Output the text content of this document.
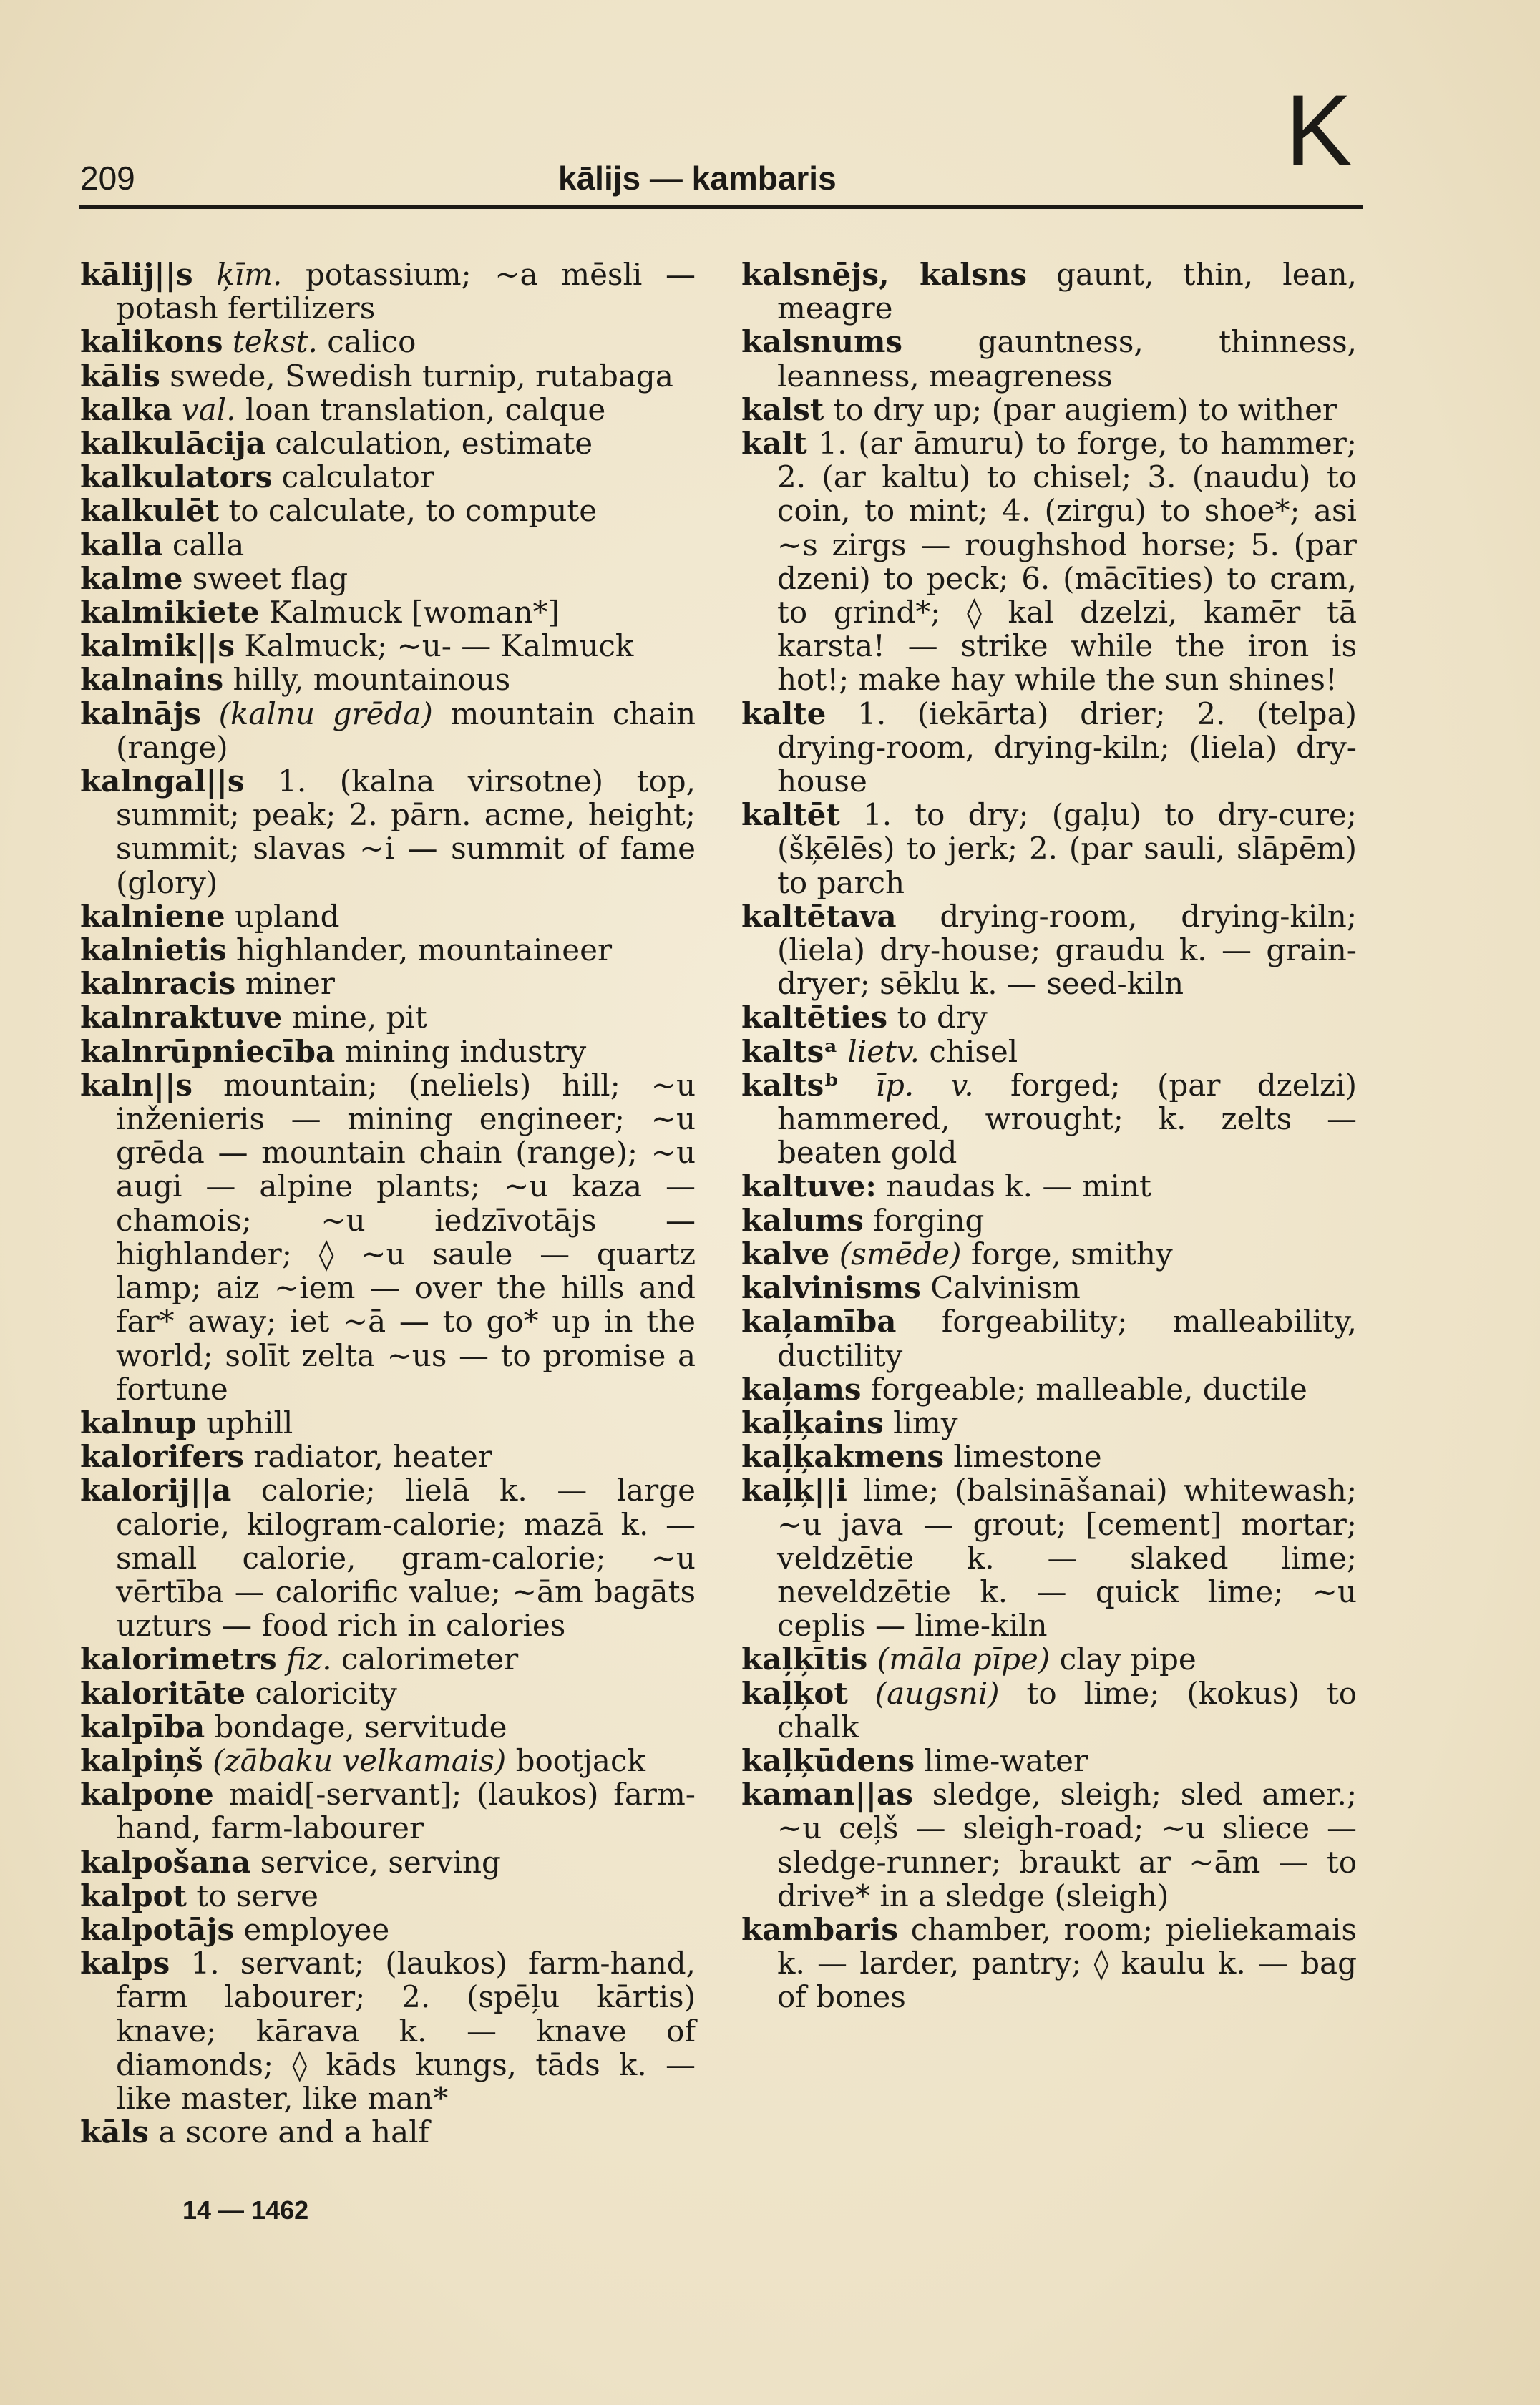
209	kālijs — kambaris	K
kālij||s ķīm. potassium; ~a mēsli — potash fertilizers
kalikons tekst. calico
kālis swede, Swedish turnip, rutabaga
kalka val. loan translation, calque
kalkulācija calculation, estimate
kalkulators calculator
kalkulēt to calculate, to compute
kalla calla
kalme sweet flag
kalmikiete Kalmuck [woman*]
kalmik||s Kalmuck; ~u- — Kalmuck
kalnains hilly, mountainous
kalnājs (kalnu grēda) mountain chain (range)
kalngal||s 1. (kalna virsotne) top, summit; peak; 2. pārn. acme, height; summit; slavas ~i — summit of fame (glory)
kalniene upland
kalnietis highlander, mountaineer
kalnracis miner
kalnraktuve mine, pit
kalnrūpniecība mining industry
kaln||s mountain; (neliels) hill; ~u inženieris — mining engineer; ~u grēda — mountain chain (range); ~u augi — alpine plants; ~u kaza — chamois; ~u iedzīvotājs — highlander; ◊ ~u saule — quartz lamp; aiz ~iem — over the hills and far* away; iet ~ā — to go* up in the world; solīt zelta ~us — to promise a fortune
kalnup uphill
kalorifers radiator, heater
kalorij||a calorie; lielā k. — large calorie, kilogram-calorie; mazā k. — small calorie, gram-calorie; ~u vērtība — calorific value; ~ām bagāts uzturs — food rich in calories
kalorimetrs fiz. calorimeter
kaloritāte caloricity
kalpība bondage, servitude
kalpiņš (zābaku velkamais) bootjack
kalpone maid[-servant]; (laukos) farm-hand, farm-labourer
kalpošana service, serving
kalpot to serve
kalpotājs employee
kalps 1. servant; (laukos) farm-hand, farm labourer; 2. (spēļu kārtis) knave; kārava k. — knave of diamonds; ◊ kāds kungs, tāds k. — like master, like man*
kāls a score and a half
kalsnējs, kalsns gaunt, thin, lean, meagre
kalsnums	gauntness, thinness, leanness, meagreness
kalst to dry up; (par augiem) to wither
kalt 1. (ar āmuru) to forge, to hammer; 2. (ar kaltu) to chisel; 3. (naudu) to coin, to mint; 4. (zirgu) to shoe*; asi ~s zirgs — roughshod horse; 5. (par dzeni) to peck; 6. (mācīties) to cram, to grind*; ◊ kal dzelzi, kamēr tā karsta! — strike while the iron is hot!; make hay while the sun shines!
kalte 1. (iekārta) drier; 2. (telpa) drying-room, drying-kiln; (liela) dry-house
kaltēt 1. to dry; (gaļu) to dry-cure; (šķēlēs) to jerk; 2. (par sauli, slāpēm) to parch
kaltētava drying-room, drying-kiln; (liela) dry-house; graudu k. — grain-dryer; sēklu k. — seed-kiln
kaltēties to dry
kaltsᵃ lietv. chisel
kaltsᵇ īp. v. forged; (par dzelzi) hammered, wrought; k. zelts — beaten gold
kaltuve: naudas k. — mint
kalums forging
kalve (smēde) forge, smithy
kalvinisms Calvinism
kaļamība forgeability; malleability, ductility
kaļams forgeable; malleable, ductile
kaļķains limy
kaļķakmens limestone
kaļķ||i lime; (balsināšanai) whitewash; ~u java — grout; [cement] mortar; veldzētie k. — slaked lime; neveldzētie k. — quick lime; ~u ceplis — lime-kiln
kaļķītis (māla pīpe) clay pipe
kaļķot (augsni) to lime; (kokus) to chalk
kaļķūdens lime-water
kaman||as sledge, sleigh; sled amer.; ~u ceļš — sleigh-road; ~u sliece — sledge-runner; braukt ar ~ām — to drive* in a sledge (sleigh)
kambaris chamber, room; pieliekamais k. — larder, pantry; ◊ kaulu k. — bag of bones
14 — 1462
